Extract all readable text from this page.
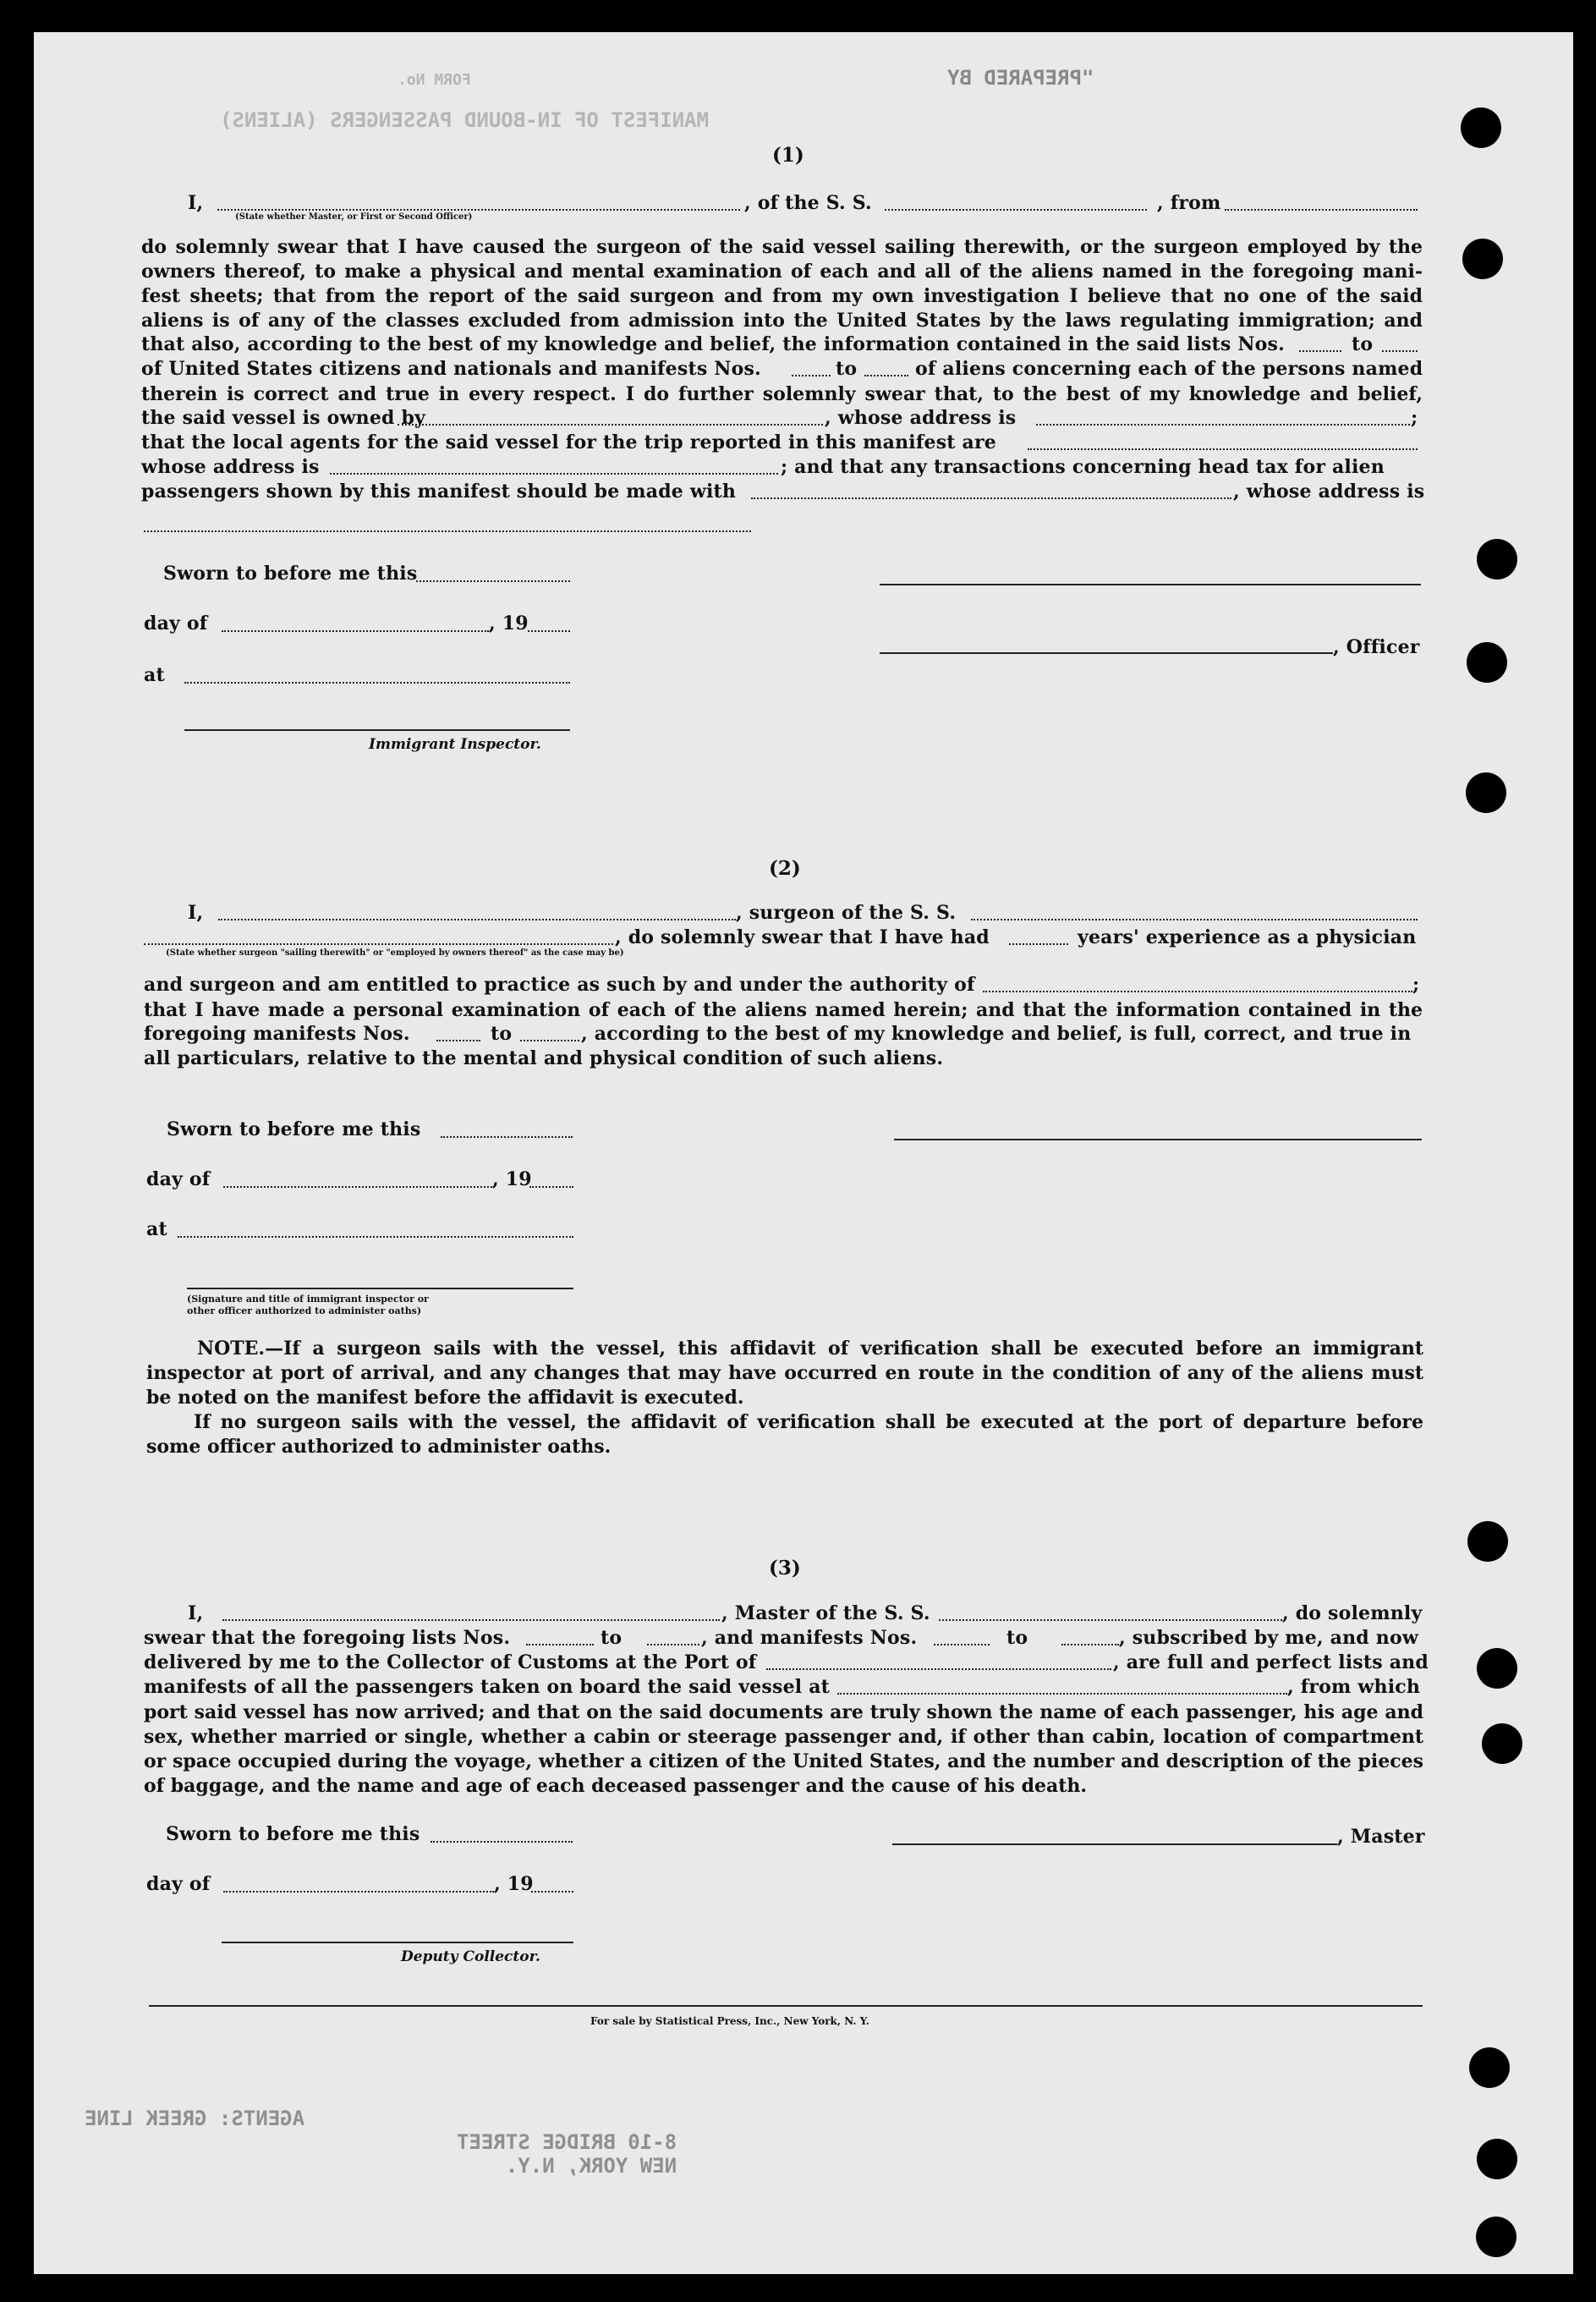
MANIFEST OF IN-BOUND PASSENGERS (ALIENS)
FORM No.	"PREPARED BY
(1)
I,	, of the S. S.	, from
(State whether Master, or First or Second Officer)

do solemnly swear that I have caused the surgeon of the said vessel sailing therewith, or the surgeon employed by the

owners thereof, to make a physical and mental examination of each and all of the aliens named in the foregoing mani-

fest sheets; that from the report of the said surgeon and from my own investigation I believe that no one of the said

aliens is of any of the classes excluded from admission into the United States by the laws regulating immigration; and

that also, according to the best of my knowledge and belief, the information contained in the said lists Nos.	to
of United States citizens and nationals and manifests Nos.	to	of aliens concerning each of the persons named

therein is correct and true in every respect. I do further solemnly swear that, to the best of my knowledge and belief,

the said vessel is owned by	, whose address is	;
that the local agents for the said vessel for the trip reported in this manifest are
whose address is	; and that any transactions concerning head tax for alien
passengers shown by this manifest should be made with	, whose address is
Sworn to before me this
day of	, 19
, Officer
at
Immigrant Inspector.
(2)
I,	, surgeon of the S. S.
, do solemnly swear that I have had	years' experience as a physician
(State whether surgeon "sailing therewith" or "employed by owners thereof" as the case may be)
and surgeon and am entitled to practice as such by and under the authority of	;

that I have made a personal examination of each of the aliens named herein; and that the information contained in the

foregoing manifests Nos.	to	, according to the best of my knowledge and belief, is full, correct, and true in
all particulars, relative to the mental and physical condition of such aliens.
Sworn to before me this
day of	, 19
at
(Signature and title of immigrant inspector or
other officer authorized to administer oaths)

NOTE.—If a surgeon sails with the vessel, this affidavit of verification shall be executed before an immigrant

inspector at port of arrival, and any changes that may have occurred en route in the condition of any of the aliens must

be noted on the manifest before the affidavit is executed.

If no surgeon sails with the vessel, the affidavit of verification shall be executed at the port of departure before

some officer authorized to administer oaths.

(3)
I,	, Master of the S. S.	, do solemnly
swear that the foregoing lists Nos.	to	, and manifests Nos.	to	, subscribed by me, and now
delivered by me to the Collector of Customs at the Port of	, are full and perfect lists and
manifests of all the passengers taken on board the said vessel at	, from which

port said vessel has now arrived; and that on the said documents are truly shown the name of each passenger, his age and

sex, whether married or single, whether a cabin or steerage passenger and, if other than cabin, location of compartment

or space occupied during the voyage, whether a citizen of the United States, and the number and description of the pieces

of baggage, and the name and age of each deceased passenger and the cause of his death.

Sworn to before me this	, Master
day of	, 19
Deputy Collector.
For sale by Statistical Press, Inc., New York, N. Y.
AGENTS: GREEK LINE
8-10 BRIDGE STREET
NEW YORK, N.Y.
